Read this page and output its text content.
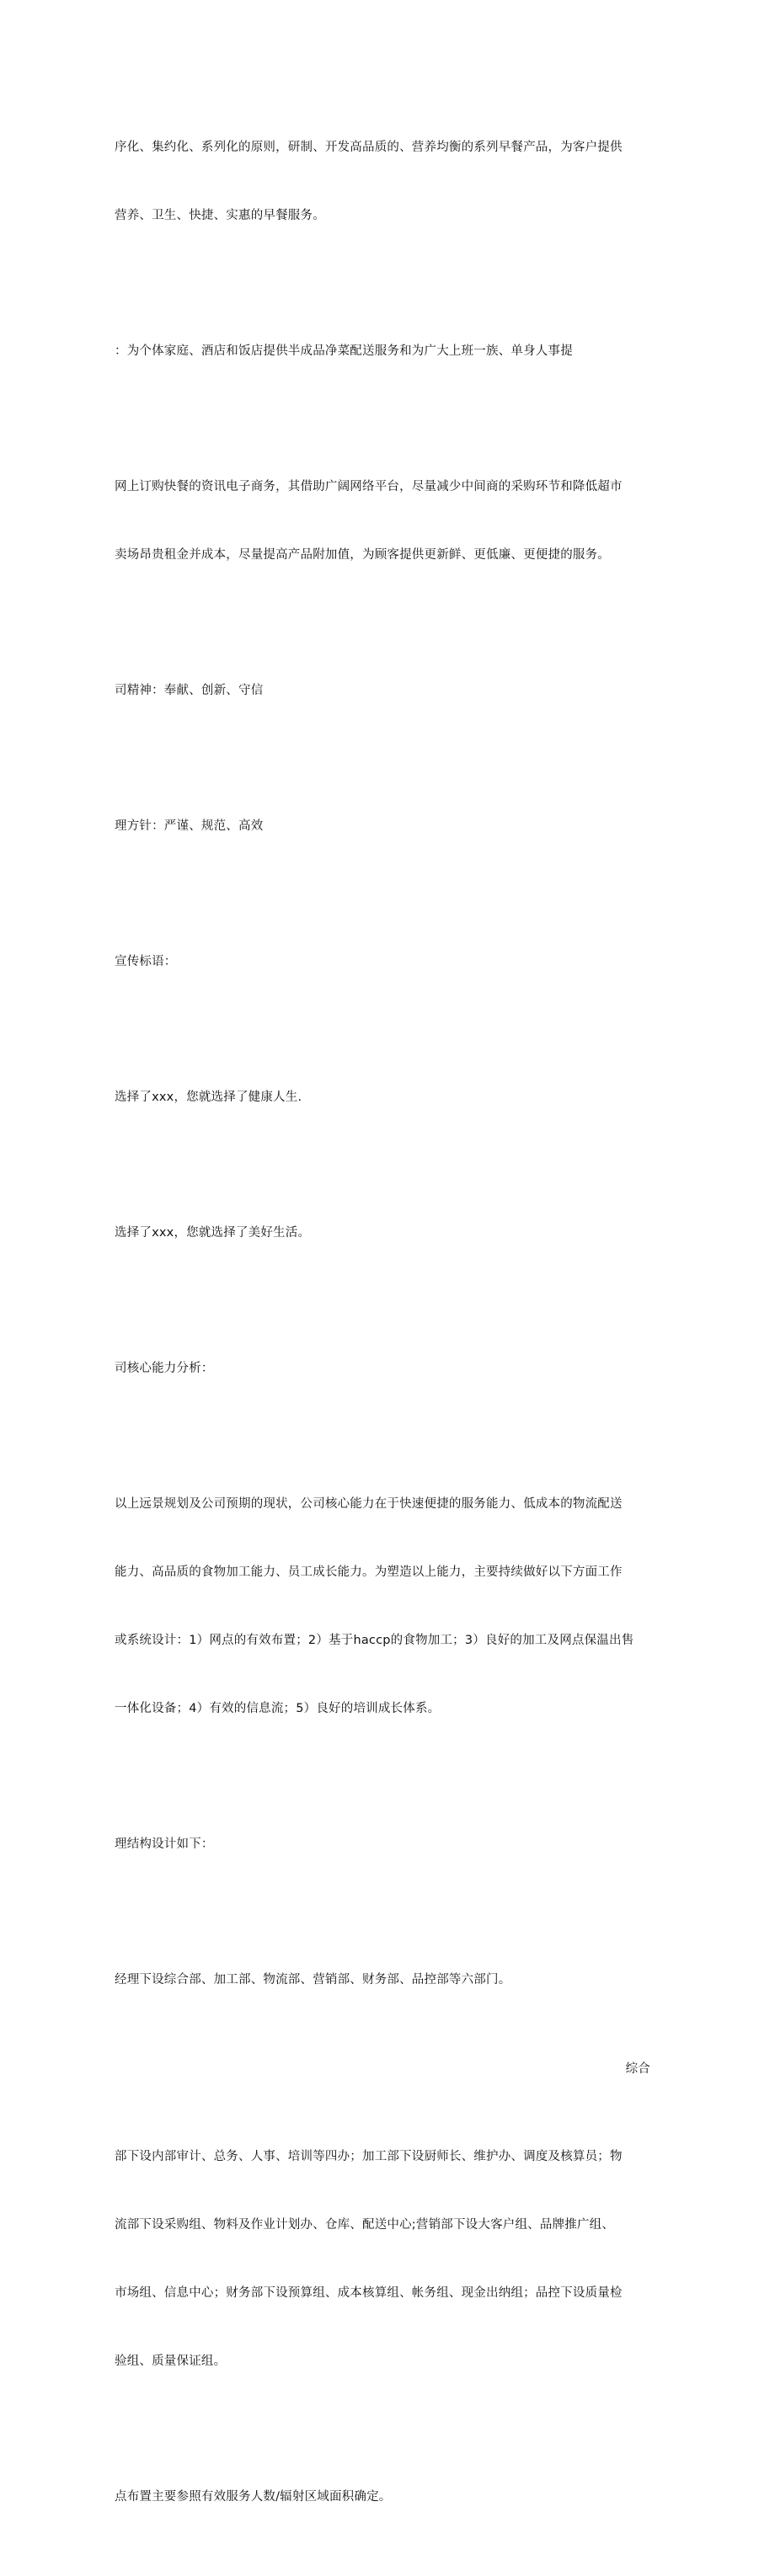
序化、集约化、系列化的原则，研制、开发高品质的、营养均衡的系列早餐产品，为客户提供

营养、卫生、快捷、实惠的早餐服务。

：为个体家庭、酒店和饭店提供半成品净菜配送服务和为广大上班一族、单身人事提

网上订购快餐的资讯电子商务，其借助广阔网络平台，尽量减少中间商的采购环节和降低超市

卖场昂贵租金并成本，尽量提高产品附加值，为顾客提供更新鲜、更低廉、更便捷的服务。

司精神：奉献、创新、守信

理方针：严谨、规范、高效

宣传标语：

选择了xxx，您就选择了健康人生.

选择了xxx，您就选择了美好生活。

司核心能力分析：

以上远景规划及公司预期的现状，公司核心能力在于快速便捷的服务能力、低成本的物流配送

能力、高品质的食物加工能力、员工成长能力。为塑造以上能力，主要持续做好以下方面工作

或系统设计：1）网点的有效布置；2）基于haccp的食物加工；3）良好的加工及网点保温出售

一体化设备；4）有效的信息流；5）良好的培训成长体系。

理结构设计如下：

经理下设综合部、加工部、物流部、营销部、财务部、品控部等六部门。

综合

部下设内部审计、总务、人事、培训等四办；加工部下设厨师长、维护办、调度及核算员；物

流部下设采购组、物料及作业计划办、仓库、配送中心;营销部下设大客户组、品牌推广组、

市场组、信息中心；财务部下设预算组、成本核算组、帐务组、现金出纳组；品控下设质量检

验组、质量保证组。

点布置主要参照有效服务人数/辐射区域面积确定。
